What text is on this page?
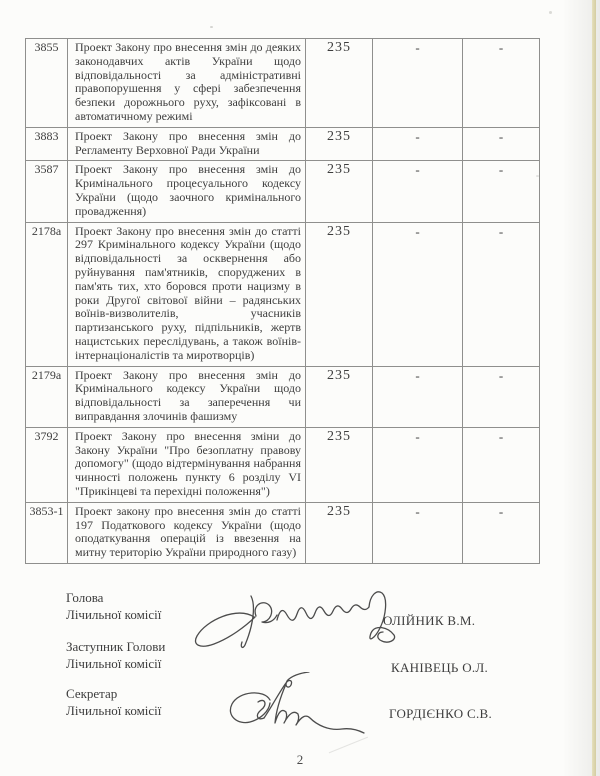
3855	Проект Закону про внесення змін до деяких законодавчих актів України щодо відповідальності за адміністративні правопорушення у сфері забезпечення безпеки дорожнього руху, зафіксовані в автоматичному режимі	235	-	-
3883	Проект Закону про внесення змін до Регламенту Верховної Ради України	235	-	-
3587	Проект Закону про внесення змін до Кримінального процесуального кодексу України (щодо заочного кримінального провадження)	235	-	-
2178а	Проект Закону про внесення змін до статті 297 Кримінального кодексу України (щодо відповідальності за осквернення або руйнування пам'ятників, споруджених в пам'ять тих, хто боровся проти нацизму в роки Другої світової війни – радянських воїнів-визволителів, учасників партизанського руху, підпільників, жертв нацистських переслідувань, а також воїнів-інтернаціоналістів та миротворців)	235	-	-
2179а	Проект Закону про внесення змін до Кримінального кодексу України щодо відповідальності за заперечення чи виправдання злочинів фашизму	235	-	-
3792	Проект Закону про внесення зміни до Закону України "Про безоплатну правову допомогу" (щодо відтермінування набрання чинності положень пункту 6 розділу VI "Прикінцеві та перехідні положення")	235	-	-
3853-1	Проект закону про внесення змін до статті 197 Податкового кодексу України (щодо оподаткування операцій із ввезення на митну територію України природного газу)	235	-	-
Голова
Лічильної комісії	ОЛІЙНИК В.М.
Заступник Голови
Лічильної комісії	КАНІВЕЦЬ О.Л.
Секретар
Лічильної комісії	ГОРДІЄНКО С.В.
2
